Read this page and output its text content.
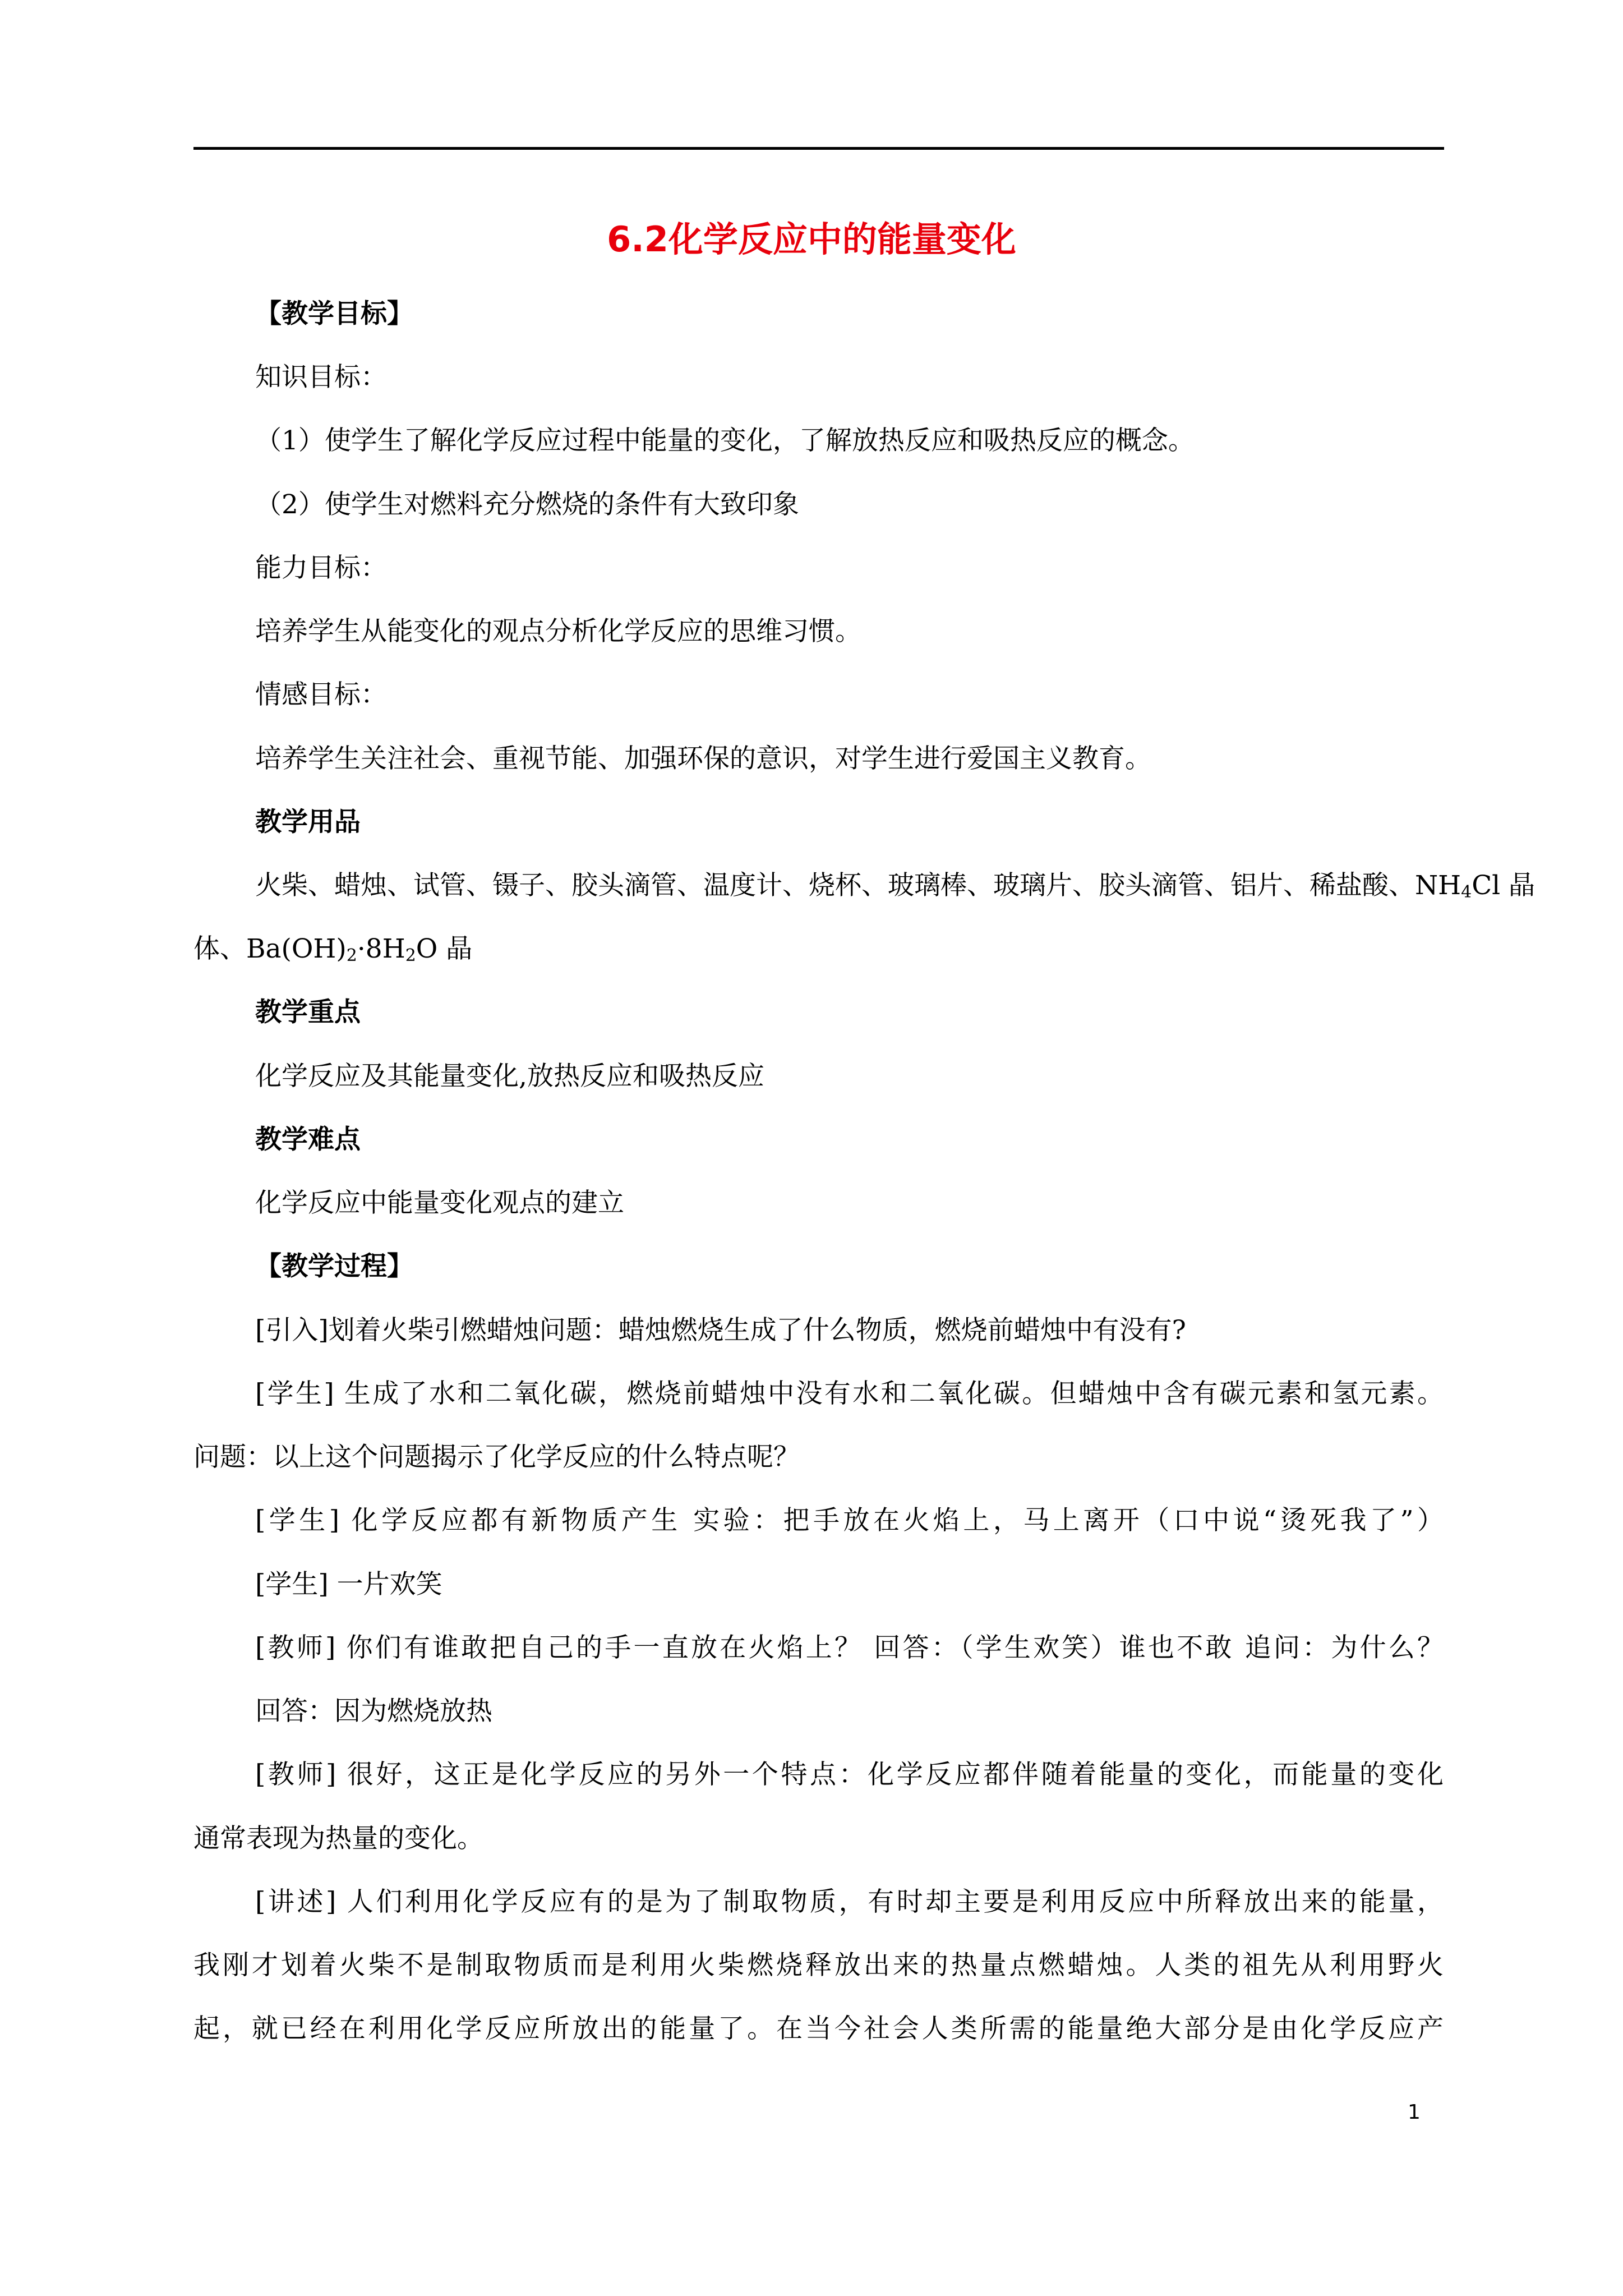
6.2化学反应中的能量变化
【教学目标】
知识目标：
（1）使学生了解化学反应过程中能量的变化，了解放热反应和吸热反应的概念。
（2）使学生对燃料充分燃烧的条件有大致印象
能力目标：
培养学生从能变化的观点分析化学反应的思维习惯。
情感目标：
培养学生关注社会、重视节能、加强环保的意识，对学生进行爱国主义教育。
教学用品
火柴、蜡烛、试管、镊子、胶头滴管、温度计、烧杯、玻璃棒、玻璃片、胶头滴管、铝片、稀盐酸、$NH_4Cl$ 晶
体、$Ba(OH)_2\cdot 8H_2O$ 晶
教学重点
化学反应及其能量变化,放热反应和吸热反应
教学难点
化学反应中能量变化观点的建立
【教学过程】
[引入]划着火柴引燃蜡烛问题：蜡烛燃烧生成了什么物质，燃烧前蜡烛中有没有?
[学生] 生成了水和二氧化碳，燃烧前蜡烛中没有水和二氧化碳。但蜡烛中含有碳元素和氢元素。
问题：以上这个问题揭示了化学反应的什么特点呢？
[学生] 化学反应都有新物质产生 实验：把手放在火焰上，马上离开（口中说“烫死我了”）
[学生] 一片欢笑
[教师] 你们有谁敢把自己的手一直放在火焰上？ 回答：（学生欢笑）谁也不敢 追问：为什么？
回答：因为燃烧放热
[教师] 很好，这正是化学反应的另外一个特点：化学反应都伴随着能量的变化，而能量的变化
通常表现为热量的变化。
[讲述] 人们利用化学反应有的是为了制取物质，有时却主要是利用反应中所释放出来的能量，
我刚才划着火柴不是制取物质而是利用火柴燃烧释放出来的热量点燃蜡烛。人类的祖先从利用野火
起，就已经在利用化学反应所放出的能量了。在当今社会人类所需的能量绝大部分是由化学反应产
1
